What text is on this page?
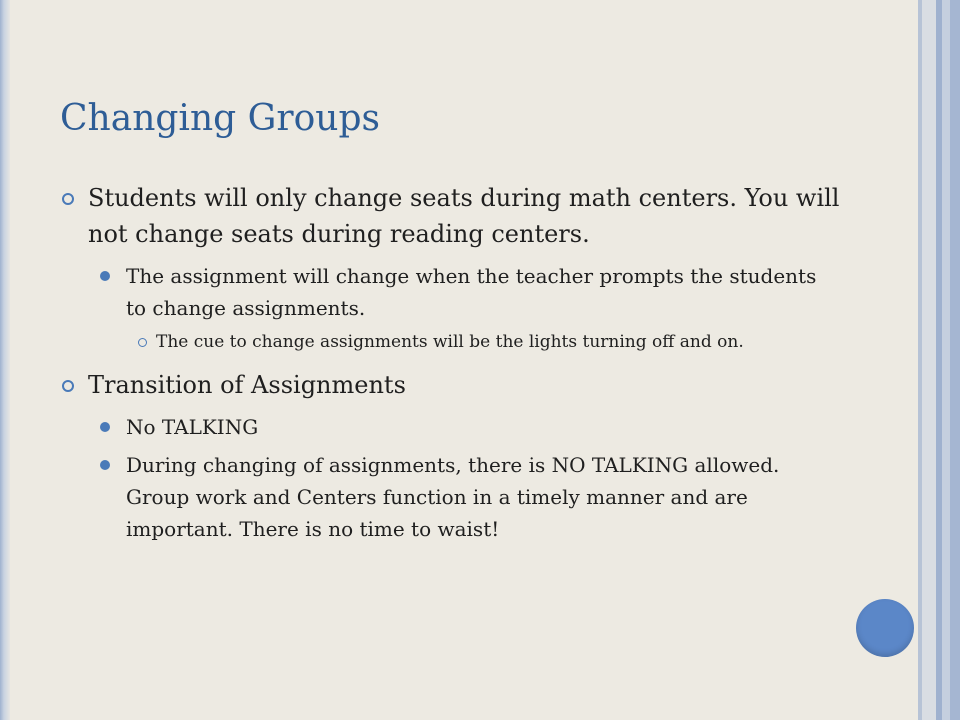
Changing Groups
Students will only change seats during math centers. You will not change seats during reading centers.
The assignment will change when the teacher prompts the students to change assignments.
The cue to change assignments will be the lights turning off and on.
Transition of Assignments
No TALKING
During changing of assignments, there is NO TALKING allowed. Group work and Centers function in a timely manner and are important. There is no time to waist!
